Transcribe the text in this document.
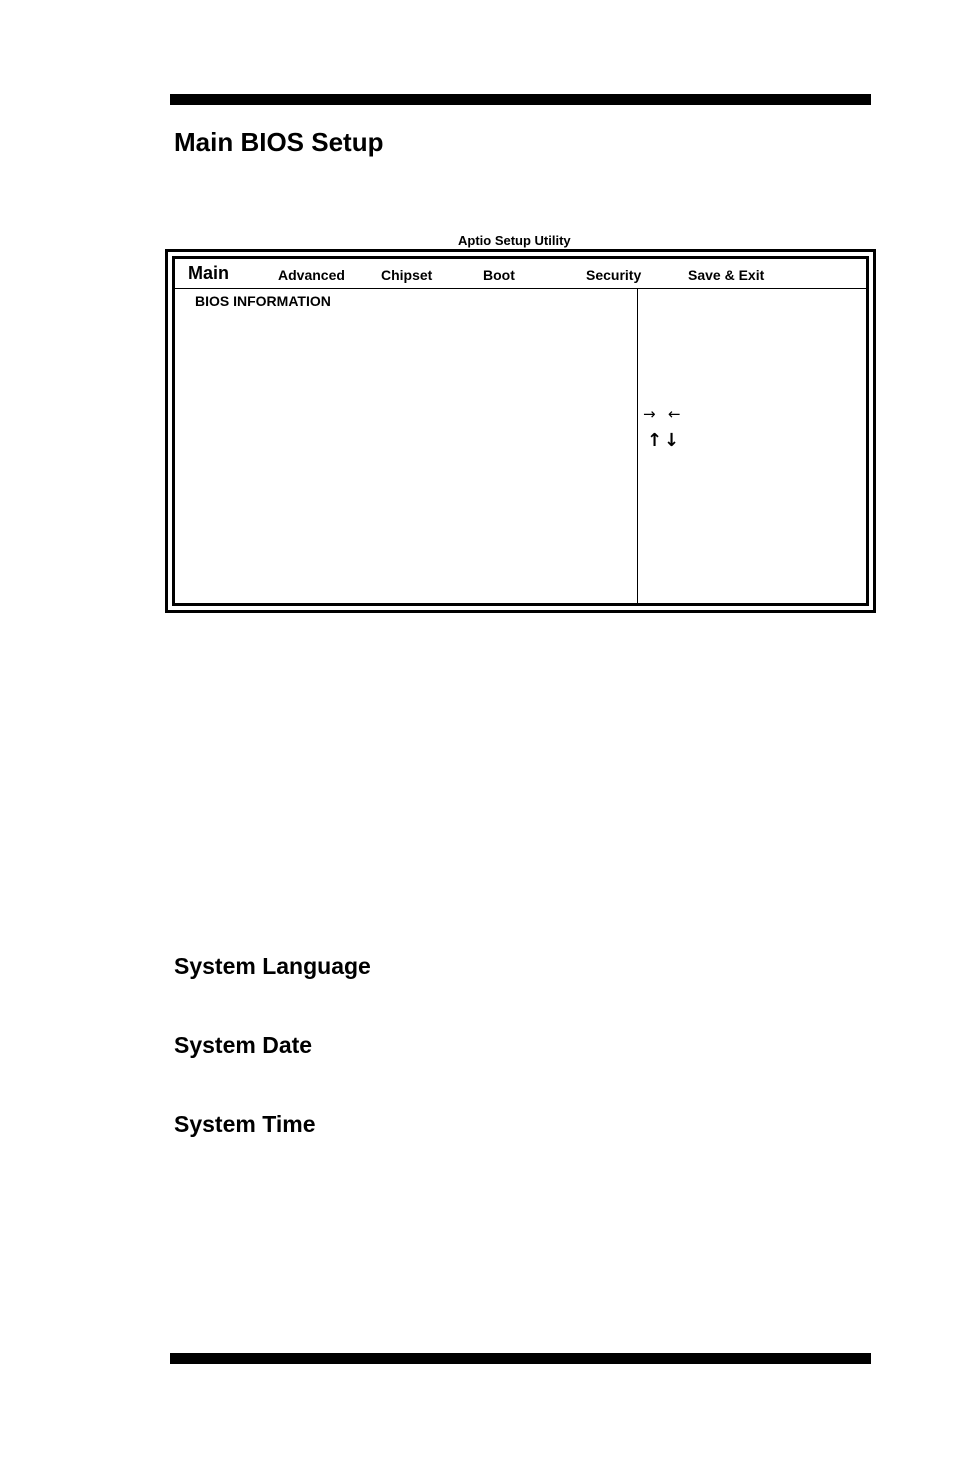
Main BIOS Setup
Aptio Setup Utility
Main	Advanced	Chipset	Boot	Security	Save & Exit
BIOS INFORMATION
→ ←
↑ ↓
System Language
System Date
System Time
